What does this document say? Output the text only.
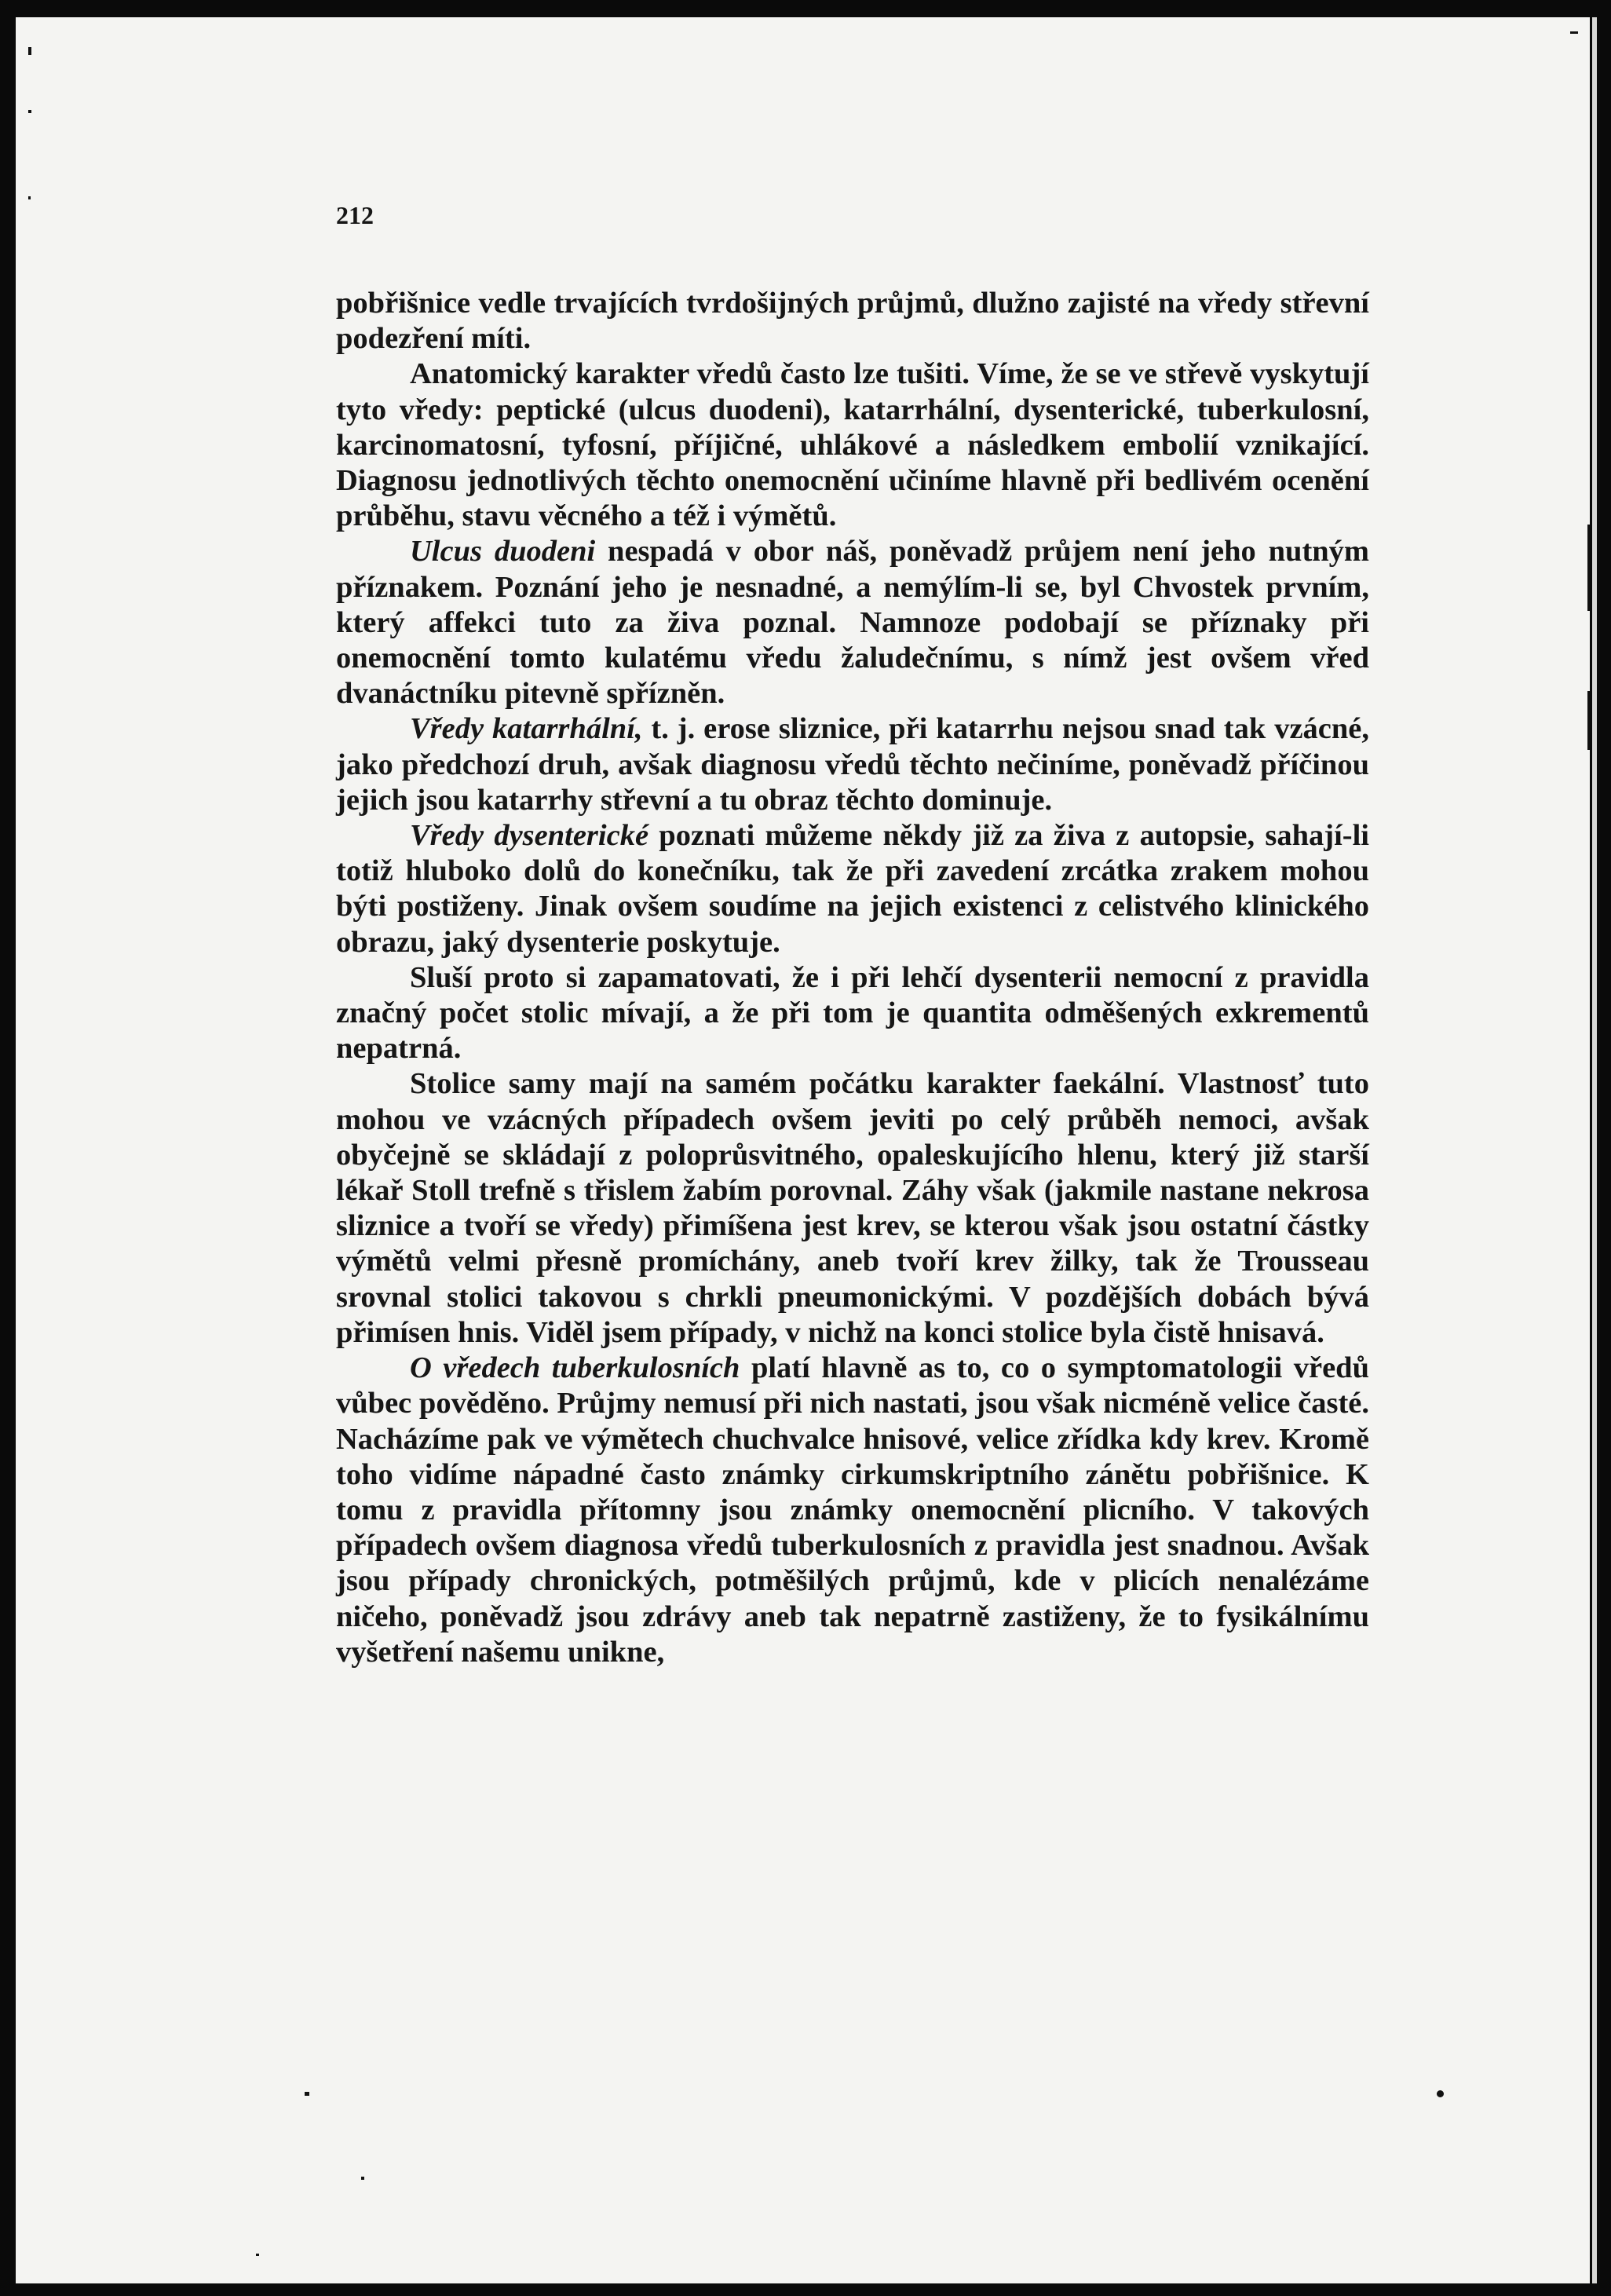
212

pobřišnice vedle trvajících tvrdošijných průjmů, dlužno zajisté na vředy střevní podezření míti.

Anatomický karakter vředů často lze tušiti. Víme, že se ve střevě vyskytují tyto vředy: peptické (ulcus duodeni), katarrhální, dysenterické, tuberkulosní, karcinomatosní, tyfosní, příjičné, uhlákové a následkem embolií vznikající. Diagnosu jednotlivých těchto onemocnění učiníme hlavně při bedlivém ocenění průběhu, stavu věcného a též i výmětů.

Ulcus duodeni nespadá v obor náš, poněvadž průjem není jeho nutným příznakem. Poznání jeho je nesnadné, a nemýlím-li se, byl Chvostek prvním, který affekci tuto za živa poznal. Namnoze podobají se příznaky při onemocnění tomto kulatému vředu žaludečnímu, s nímž jest ovšem vřed dvanáctníku pitevně spřízněn.

Vředy katarrhální, t. j. erose sliznice, při katarrhu nejsou snad tak vzácné, jako předchozí druh, avšak diagnosu vředů těchto nečiníme, poněvadž příčinou jejich jsou katarrhy střevní a tu obraz těchto dominuje.

Vředy dysenterické poznati můžeme někdy již za živa z autopsie, sahají-li totiž hluboko dolů do konečníku, tak že při zavedení zrcátka zrakem mohou býti postiženy. Jinak ovšem soudíme na jejich existenci z celistvého klinického obrazu, jaký dysenterie poskytuje.

Sluší proto si zapamatovati, že i při lehčí dysenterii nemocní z pravidla značný počet stolic mívají, a že při tom je quantita odměšených exkrementů nepatrná.

Stolice samy mají na samém počátku karakter faekální. Vlastnosť tuto mohou ve vzácných případech ovšem jeviti po celý průběh nemoci, avšak obyčejně se skládají z poloprůsvitného, opaleskujícího hlenu, který již starší lékař Stoll trefně s třislem žabím porovnal. Záhy však (jakmile nastane nekrosa sliznice a tvoří se vředy) přimíšena jest krev, se kterou však jsou ostatní částky výmětů velmi přesně promíchány, aneb tvoří krev žilky, tak že Trousseau srovnal stolici takovou s chrkli pneumonickými. V pozdějších dobách bývá přimísen hnis. Viděl jsem případy, v nichž na konci stolice byla čistě hnisavá.

O vředech tuberkulosních platí hlavně as to, co o symptomatologii vředů vůbec pověděno. Průjmy nemusí při nich nastati, jsou však nicméně velice časté. Nacházíme pak ve výmětech chuchvalce hnisové, velice zřídka kdy krev. Kromě toho vidíme nápadné často známky cirkumskriptního zánětu pobřišnice. K tomu z pravidla přítomny jsou známky onemocnění plicního. V takových případech ovšem diagnosa vředů tuberkulosních z pravidla jest snadnou. Avšak jsou případy chronických, potměšilých průjmů, kde v plicích nenalézáme ničeho, poněvadž jsou zdrávy aneb tak nepatrně zastiženy, že to fysikálnímu vyšetření našemu unikne,
